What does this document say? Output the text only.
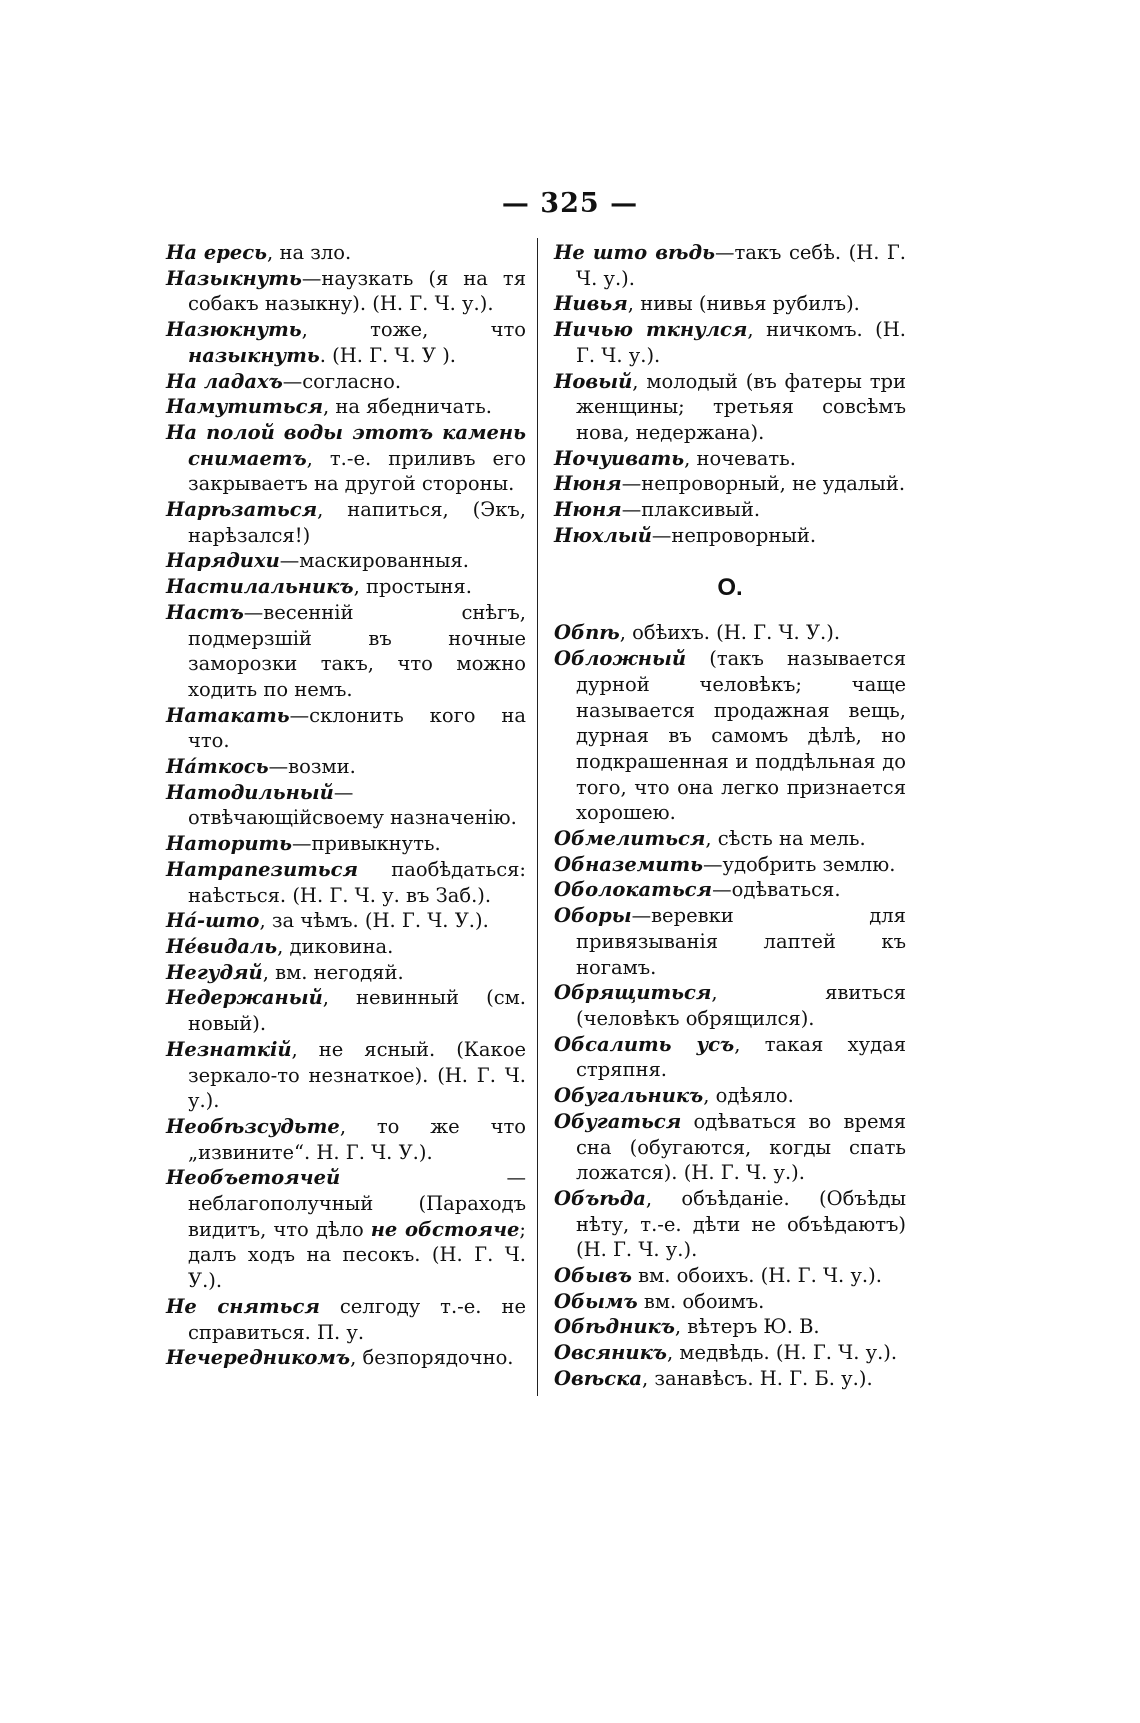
— 325 —

На ересь, на зло.

Назыкнуть—наузкать (я на тя собакъ назыкну). (Н. Г. Ч. у.).

Назюкнуть, тоже, что назыкнуть. (Н. Г. Ч. У ).

На ладахъ—согласно.

Намутиться, на ябедничать.

На полой воды этотъ камень снимаетъ, т.-е. приливъ его закрываетъ на другой стороны.

Нарѣзаться, напиться, (Экъ, нарѣзался!)

Нарядихи—маскированныя.

Настилальникъ, простыня.

Настъ—весенній снѣгъ, подмерзшій въ ночные заморозки такъ, что можно ходить по немъ.

Натакать—склонить кого на что.

На́ткось—возми.

Натодильный—отвѣчающійсвоему назначенію.

Наторить—привыкнуть.

Натрапезиться паобѣдаться: наѣсться. (Н. Г. Ч. у. въ Заб.).

На́-што, за чѣмъ. (Н. Г. Ч. У.).

Не́видаль, диковина.

Негудяй, вм. негодяй.

Недержаный, невинный (см. новый).

Незнаткій, не ясный. (Какое зеркало-то незнаткое). (Н. Г. Ч. у.).

Необѣзсудьте, то же что „извините“. Н. Г. Ч. У.).

Необъетоячей — неблагополучный (Параходъ видитъ, что дѣло не обстояче; далъ ходъ на песокъ. (Н. Г. Ч. У.).

Не сняться селгоду т.-е. не справиться. П. у.

Нечередникомъ, безпорядочно.

Не што вѣдь—такъ себѣ. (Н. Г. Ч. у.).

Нивья, нивы (нивья рубилъ).

Ничью ткнулся, ничкомъ. (Н. Г. Ч. у.).

Новый, молодый (въ фатеры три женщины; третьяя совсѣмъ нова, недержана).

Ночуивать, ночевать.

Нюня—непроворный, не удалый.

Нюня—плаксивый.

Нюхлый—непроворный.

О.

Обпѣ, обѣихъ. (Н. Г. Ч. У.).

Обложный (такъ называется дурной человѣкъ; чаще называется продажная вещь, дурная въ самомъ дѣлѣ, но подкрашенная и поддѣльная до того, что она легко признается хорошею.

Обмелиться, сѣсть на мель.

Обназемить—удобрить землю.

Оболокаться—одѣваться.

Оборы—веревки для привязыванія лаптей къ ногамъ.

Обрящиться, явиться (человѣкъ обрящился).

Обсалить усъ, такая худая стряпня.

Обугальникъ, одѣяло.

Обугаться одѣваться во время сна (обугаются, когды спать ложатся). (Н. Г. Ч. у.).

Объѣда, объѣданіе. (Объѣды нѣту, т.-е. дѣти не объѣдаютъ) (Н. Г. Ч. у.).

Обывъ вм. обоихъ. (Н. Г. Ч. у.).

Обымъ вм. обоимъ.

Обѣдникъ, вѣтеръ Ю. В.

Овсяникъ, медвѣдь. (Н. Г. Ч. у.).

Овѣска, занавѣсъ. Н. Г. Б. у.).
